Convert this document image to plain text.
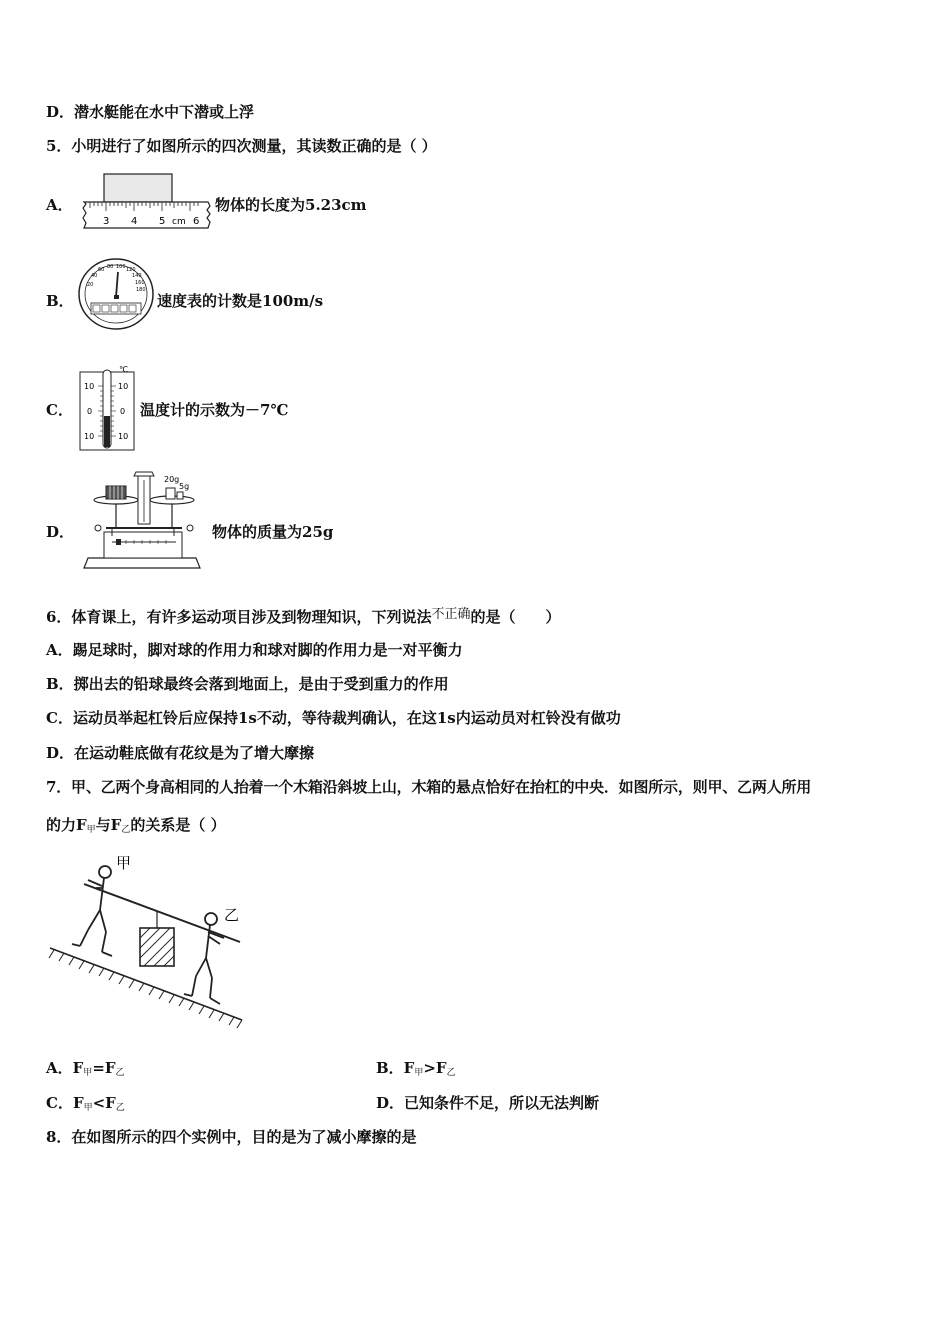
D．潜水艇能在水中下潜或上浮
5．小明进行了如图所示的四次测量，其读数正确的是（ ）
A．
3 4 5 cm 6
物体的长度为5.23cm
B．
20
40
60 80 100 120
140
160
180
速度表的计数是100m/s
C．
℃
10
0
10
10
0
10
温度计的示数为－7℃
D．
20g
5g
物体的质量为25g
6．体育课上，有许多运动项目涉及到物理知识，下列说法不正确的是（　　）
A．踢足球时，脚对球的作用力和球对脚的作用力是一对平衡力
B．掷出去的铅球最终会落到地面上，是由于受到重力的作用
C．运动员举起杠铃后应保持1s不动，等待裁判确认，在这1s内运动员对杠铃没有做功
D．在运动鞋底做有花纹是为了增大摩擦
7．甲、乙两个身高相同的人抬着一个木箱沿斜坡上山，木箱的悬点恰好在抬杠的中央．如图所示，则甲、乙两人所用
的力$F_甲$与$F_乙$的关系是（ ）
甲
乙
A．$F_甲=F_乙$	B．$F_甲>F_乙$
C．$F_甲<F_乙$	D．已知条件不足，所以无法判断
8．在如图所示的四个实例中，目的是为了减小摩擦的是
